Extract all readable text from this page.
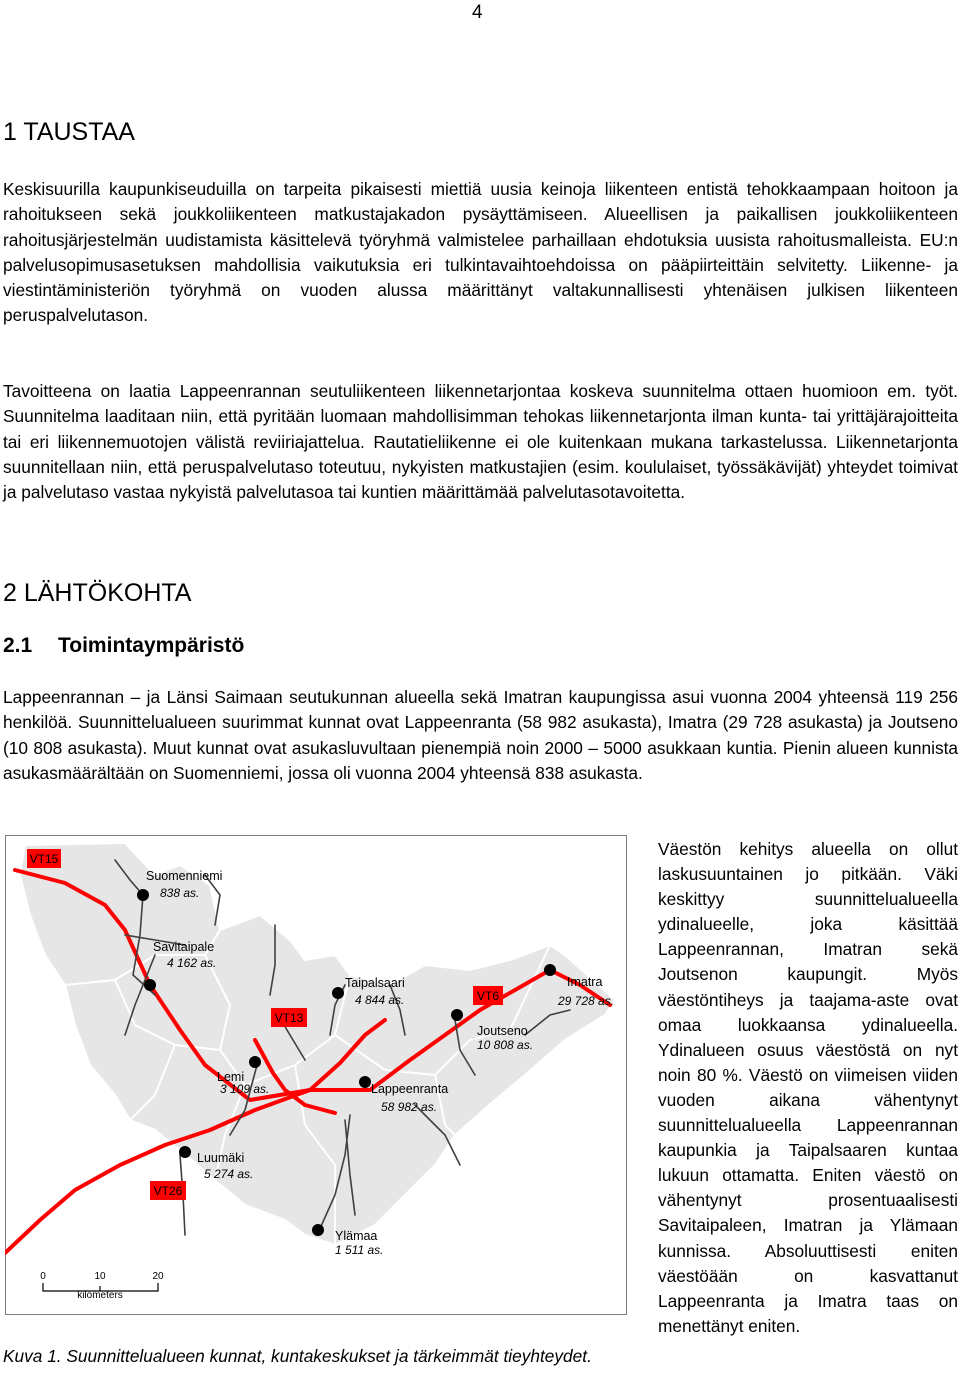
4
1 TAUSTAA

Keskisuurilla kaupunkiseuduilla on tarpeita pikaisesti miettiä uusia keinoja liikenteen entistä tehokkaampaan hoitoon ja rahoitukseen sekä joukkoliikenteen matkustajakadon pysäyttämiseen. Alueellisen ja paikallisen joukkoliikenteen rahoitusjärjestelmän uudistamista käsittelevä työryhmä valmistelee parhaillaan ehdotuksia uusista rahoitusmalleista. EU:n palvelusopimusasetuksen mahdollisia vaikutuksia eri tulkintavaihtoehdoissa on pääpiirteittäin selvitetty. Liikenne- ja viestintäministeriön työryhmä on vuoden alussa määrittänyt valtakunnallisesti yhtenäisen julkisen liikenteen peruspalvelutason.

Tavoitteena on laatia Lappeenrannan seutuliikenteen liikennetarjontaa koskeva suunnitelma ottaen huomioon em. työt. Suunnitelma laaditaan niin, että pyritään luomaan mahdollisimman tehokas liikennetarjonta ilman kunta- tai yrittäjärajoitteita tai eri liikennemuotojen välistä reviiriajattelua. Rautatieliikenne ei ole kuitenkaan mukana tarkastelussa. Liikennetarjonta suunnitellaan niin, että peruspalvelutaso toteutuu, nykyisten matkustajien (esim. koululaiset, työssäkävijät) yhteydet toimivat ja palvelutaso vastaa nykyistä palvelutasoa tai kuntien määrittämää palvelutasotavoitetta.

2 LÄHTÖKOHTA
2.1 Toimintaympäristö

Lappeenrannan – ja Länsi Saimaan seutukunnan alueella sekä Imatran kaupungissa asui vuonna 2004 yhteensä 119 256 henkilöä. Suunnittelualueen suurimmat kunnat ovat Lappeenranta (58 982 asukasta), Imatra (29 728 asukasta) ja Joutseno (10 808 asukasta). Muut kunnat ovat asukasluvultaan pienempiä noin 2000 – 5000 asukkaan kuntia. Pienin alueen kunnista asukasmäärältään on Suomenniemi, jossa oli vuonna 2004 yhteensä 838 asukasta.

VT15
VT13
VT6
VT26
Suomenniemi
838 as.
Savitaipale
4 162 as.
Taipalsaari
4 844 as.
Imatra
29 728 as.
Joutseno
10 808 as.
Lemi
3 109 as.	Lappeenranta
58 982 as.
Luumäki
5 274 as.
Ylämaa
1 511 as.
0	10	20
kilometers

Väestön kehitys alueella on ollut laskusuuntainen jo pitkään. Väki keskittyy suunnittelualueella ydinalueelle, joka käsittää Lappeenrannan, Imatran sekä Joutsenon kaupungit. Myös väestöntiheys ja taajama-aste ovat omaa luokkaansa ydinalueella. Ydinalueen osuus väestöstä on nyt noin 80 %. Väestö on viimeisen viiden vuoden aikana vähentynyt suunnittelualueella Lappeenrannan kaupunkia ja Taipalsaaren kuntaa lukuun ottamatta. Eniten väestö on vähentynyt prosentuaalisesti Savitaipaleen, Imatran ja Ylämaan kunnissa. Absoluuttisesti eniten väestöään on kasvattanut Lappeenranta ja Imatra taas on menettänyt eniten.

Kuva 1. Suunnittelualueen kunnat, kuntakeskukset ja tärkeimmät tieyhteydet.
